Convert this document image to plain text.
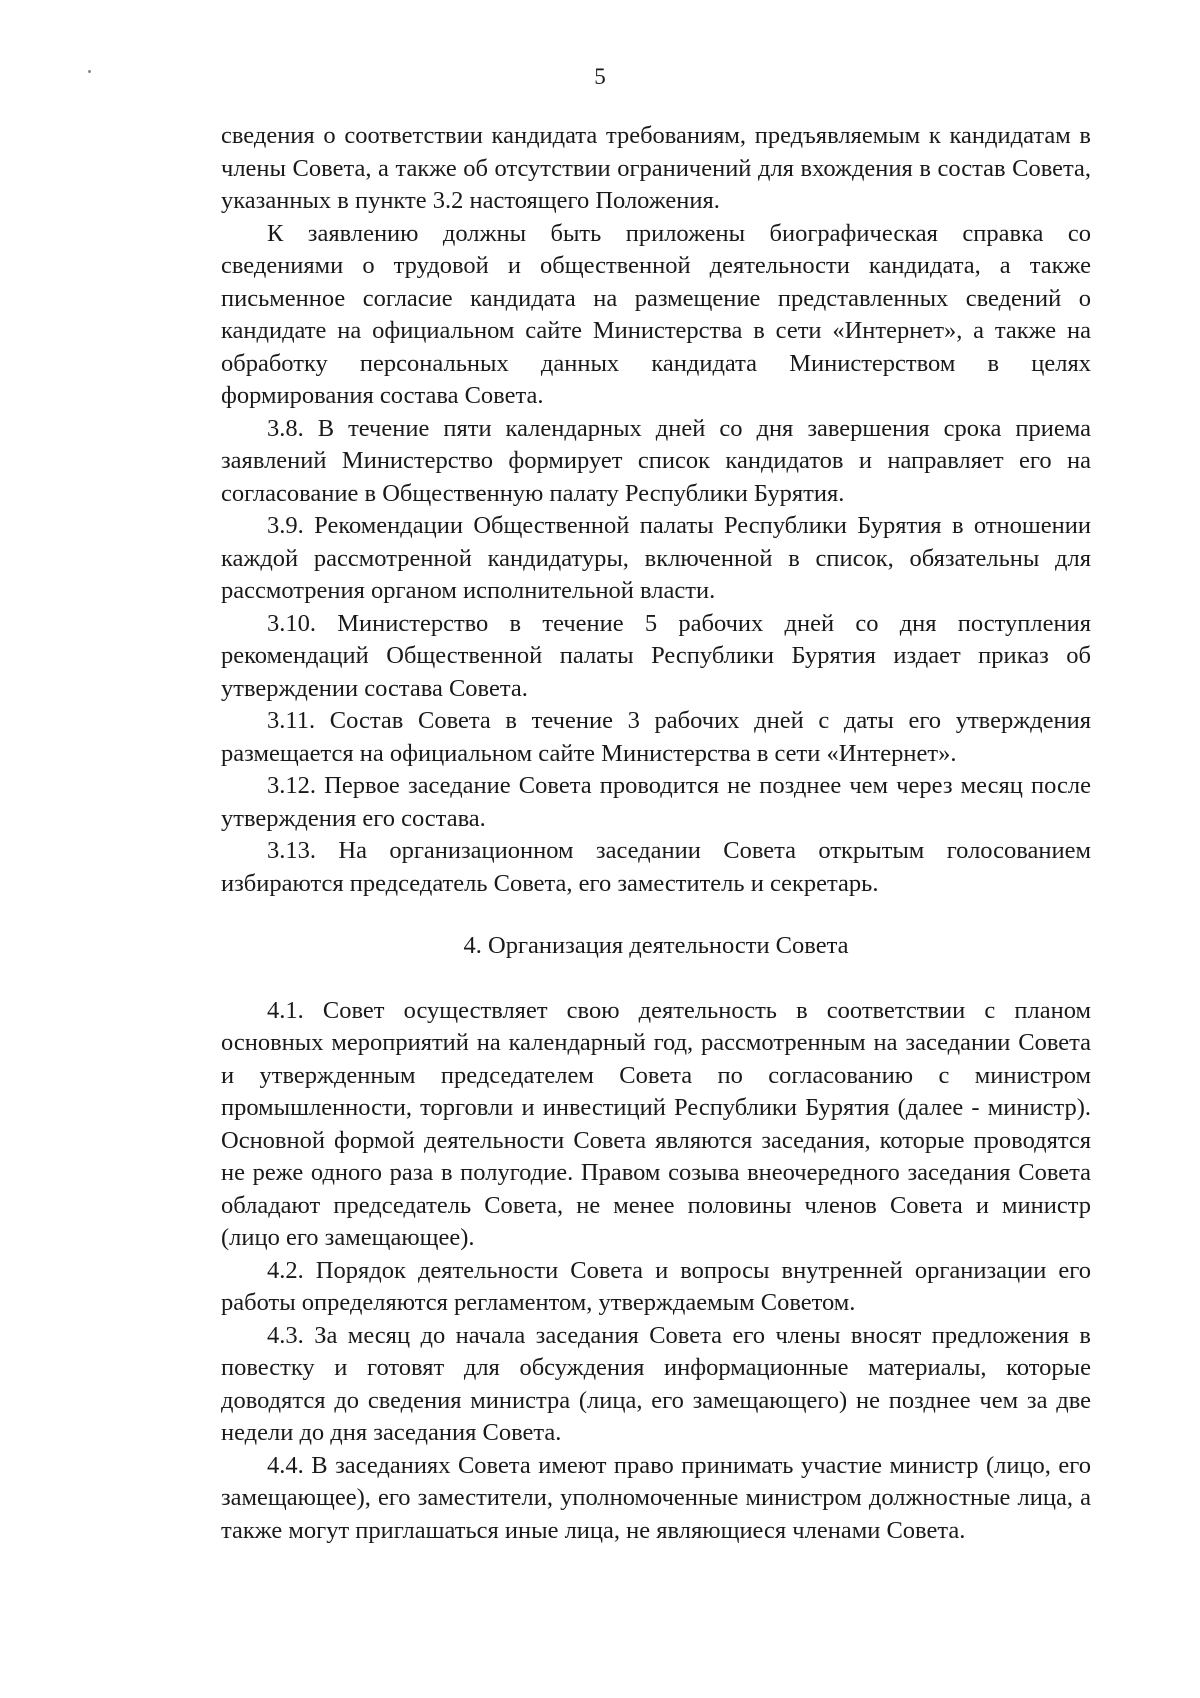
5

сведения о соответствии кандидата требованиям, предъявляемым к кандидатам в члены Совета, а также об отсутствии ограничений для вхождения в состав Совета, указанных в пункте 3.2 настоящего Положения.

К заявлению должны быть приложены биографическая справка со сведениями о трудовой и общественной деятельности кандидата, а также письменное согласие кандидата на размещение представленных сведений о кандидате на официальном сайте Министерства в сети «Интернет», а также на обработку персональных данных кандидата Министерством в целях формирования состава Совета.

3.8. В течение пяти календарных дней со дня завершения срока приема заявлений Министерство формирует список кандидатов и направляет его на согласование в Общественную палату Республики Бурятия.

3.9. Рекомендации Общественной палаты Республики Бурятия в отношении каждой рассмотренной кандидатуры, включенной в список, обязательны для рассмотрения органом исполнительной власти.

3.10. Министерство в течение 5 рабочих дней со дня поступления рекомендаций Общественной палаты Республики Бурятия издает приказ об утверждении состава Совета.

3.11. Состав Совета в течение 3 рабочих дней с даты его утверждения размещается на официальном сайте Министерства в сети «Интернет».

3.12. Первое заседание Совета проводится не позднее чем через месяц после утверждения его состава.

3.13. На организационном заседании Совета открытым голосованием избираются председатель Совета, его заместитель и секретарь.

4. Организация деятельности Совета

4.1. Совет осуществляет свою деятельность в соответствии с планом основных мероприятий на календарный год, рассмотренным на заседании Совета и утвержденным председателем Совета по согласованию с министром промышленности, торговли и инвестиций Республики Бурятия (далее - министр). Основной формой деятельности Совета являются заседания, которые проводятся не реже одного раза в полугодие. Правом созыва внеочередного заседания Совета обладают председатель Совета, не менее половины членов Совета и министр (лицо его замещающее).

4.2. Порядок деятельности Совета и вопросы внутренней организации его работы определяются регламентом, утверждаемым Советом.

4.3. За месяц до начала заседания Совета его члены вносят предложения в повестку и готовят для обсуждения информационные материалы, которые доводятся до сведения министра (лица, его замещающего) не позднее чем за две недели до дня заседания Совета.

4.4. В заседаниях Совета имеют право принимать участие министр (лицо, его замещающее), его заместители, уполномоченные министром должностные лица, а также могут приглашаться иные лица, не являющиеся членами Совета.
